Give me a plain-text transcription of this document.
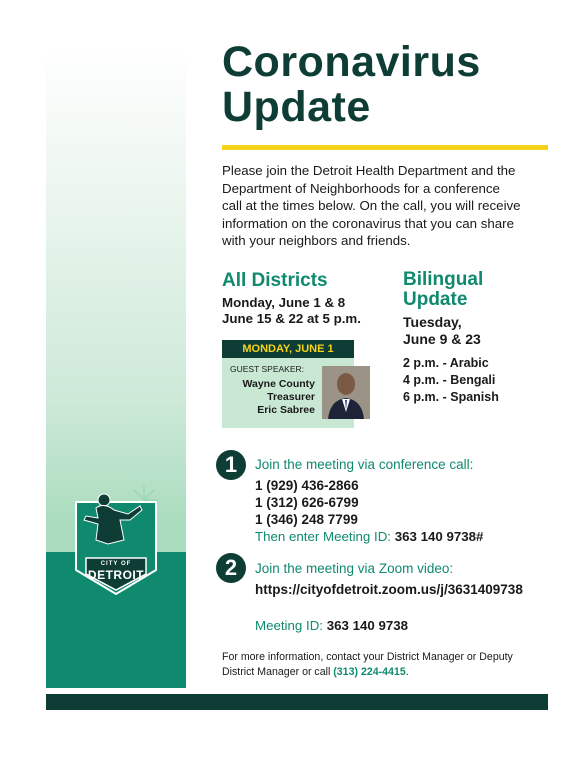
CITY OF
DETROIT
Coronavirus
Update
Please join the Detroit Health Department and the Department of Neighborhoods for a conference call at the times below. On the call, you will receive information on the coronavirus that you can share with your neighbors and friends.
All Districts
Monday, June 1 & 8
June 15 & 22 at 5 p.m.
MONDAY, JUNE 1
GUEST SPEAKER:
Wayne County
Treasurer
Eric Sabree
Bilingual
Update
Tuesday,
June 9 & 23
2 p.m. - Arabic
4 p.m. - Bengali
6 p.m. - Spanish
1	Join the meeting via conference call:
1 (929) 436-2866
1 (312) 626-6799
1 (346) 248 7799
Then enter Meeting ID: 363 140 9738#
2	Join the meeting via Zoom video:
https://cityofdetroit.zoom.us/j/3631409738
Meeting ID: 363 140 9738
For more information, contact your District Manager or Deputy District Manager or call (313) 224-4415.
